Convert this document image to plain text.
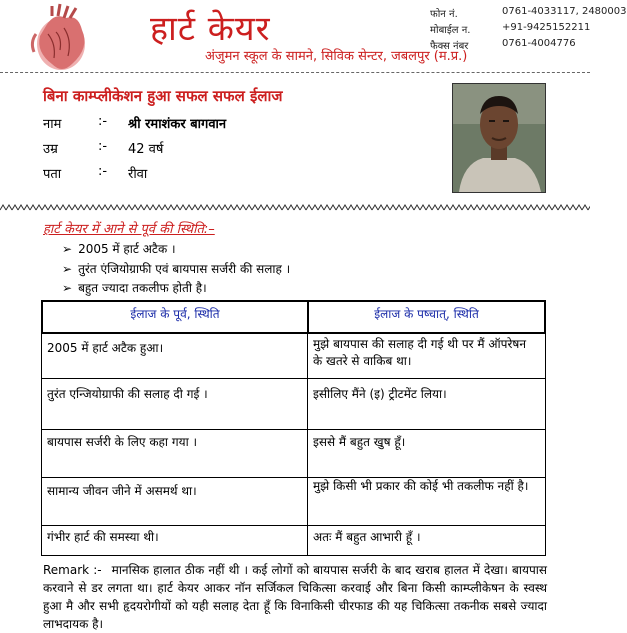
हार्ट केयर
अंजुमन स्कूल के सामने, सिविक सेन्टर, जबलपुर (म.प्र.)
फोन नं.	0761-4033117, 2480003
मोबाईल न.	+91-9425152211
फैक्स नंबर	0761-4004776
बिना काम्प्लीकेशन हुआ सफल सफल ईलाज
नाम	:- श्री रमाशंकर बागवान
उम्र	:- 42 वर्ष
पता	:- रीवा
हार्ट केयर में आने से पूर्व की स्थिति:–
➢ 2005 में हार्ट अटैक ।
➢ तुरंत एंजियोग्राफी एवं बायपास सर्जरी की सलाह ।
➢ बहुत ज्यादा तकलीफ होती है।
ईलाज के पूर्व, स्थिति	ईलाज के पष्चात्, स्थिति
2005 में हार्ट अटैक हुआ।	मुझे बायपास की सलाह दी गई थी पर मैं ऑपरेषन के खतरे से वाकिब था।
तुरंत एन्जियोग्राफी की सलाह दी गई ।	इसीलिए मैंने (इ) ट्रीटमेंट लिया।
बायपास सर्जरी के लिए कहा गया ।	इससे मैं बहुत खुष हूँ।
सामान्य जीवन जीने में असमर्थ था।	मुझे किसी भी प्रकार की कोई भी तकलीफ नहीं है।
गंभीर हार्ट की समस्या थी।	अतः मैं बहुत आभारी हूँ ।
Remark :- मानसिक हालात ठीक नहीं थी । कई लोगों को बायपास सर्जरी के बाद खराब हालत में देखा। बायपास करवाने से डर लगता था। हार्ट केयर आकर नॉन सर्जिकल चिकित्सा करवाई और बिना किसी काम्प्लीकेषन के स्वस्थ हुआ मै और सभी हृदयरोगीयों को यही सलाह देता हूँ कि विनाकिसी चीरफाड की यह चिकित्सा तकनीक सबसे ज्यादा लाभदायक है।
